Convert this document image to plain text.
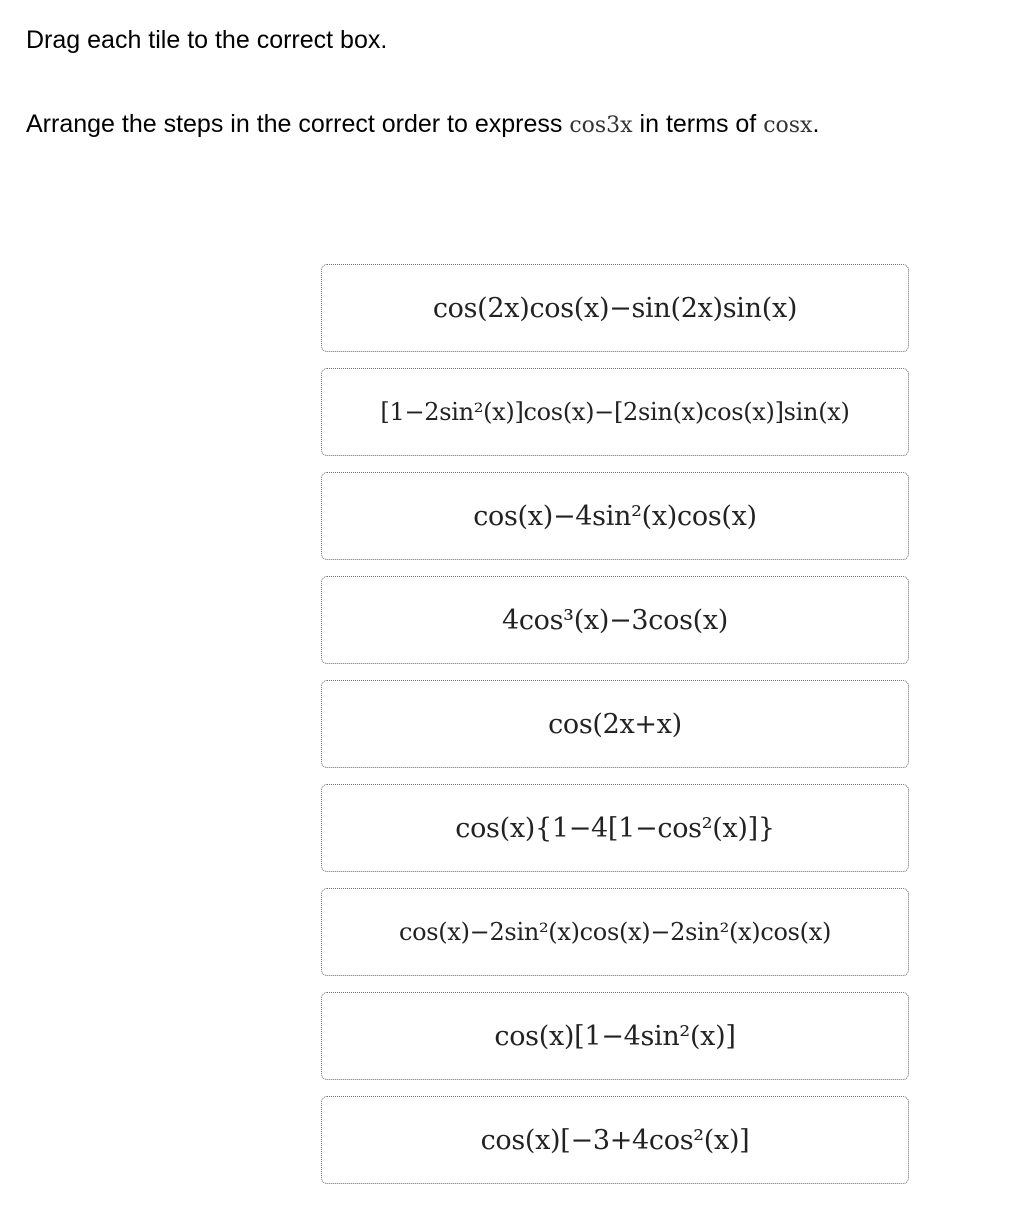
Drag each tile to the correct box.
Arrange the steps in the correct order to express cos3x in terms of cosx.
cos(2x)cos(x)−sin(2x)sin(x)
[1−2sin²(x)]cos(x)−[2sin(x)cos(x)]sin(x)
cos(x)−4sin²(x)cos(x)
4cos³(x)−3cos(x)
cos(2x+x)
cos(x){1−4[1−cos²(x)]}
cos(x)−2sin²(x)cos(x)−2sin²(x)cos(x)
cos(x)[1−4sin²(x)]
cos(x)[−3+4cos²(x)]
